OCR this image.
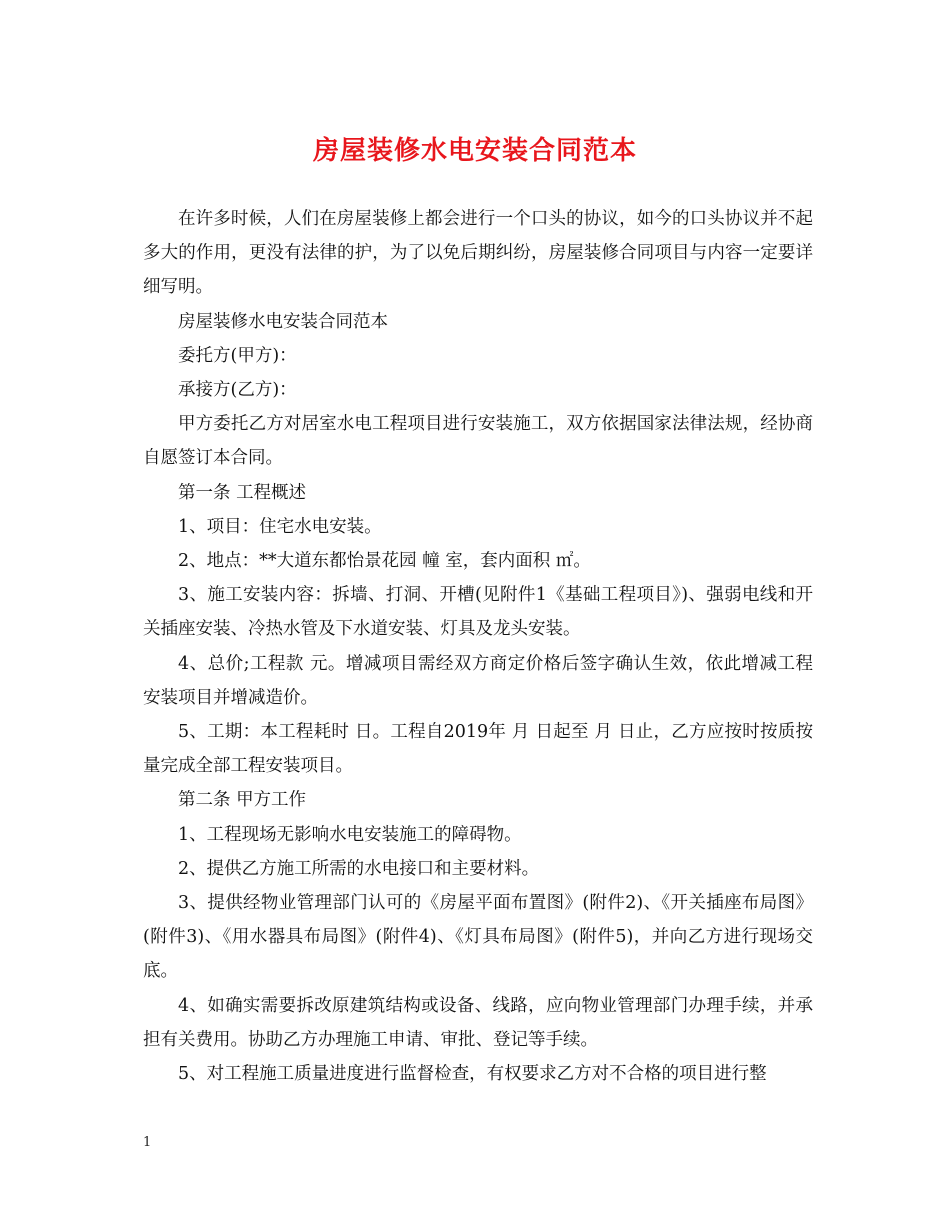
房屋装修水电安装合同范本

在许多时候，人们在房屋装修上都会进行一个口头的协议，如今的口头协议并不起多大的作用，更没有法律的护，为了以免后期纠纷，房屋装修合同项目与内容一定要详细写明。

房屋装修水电安装合同范本

委托方(甲方)：

承接方(乙方)：

甲方委托乙方对居室水电工程项目进行安装施工，双方依据国家法律法规，经协商自愿签订本合同。

第一条 工程概述

1、项目：住宅水电安装。

2、地点：**大道东都怡景花园 幢 室，套内面积 ㎡。

3、施工安装内容：拆墙、打洞、开槽(见附件1《基础工程项目》)、强弱电线和开关插座安装、冷热水管及下水道安装、灯具及龙头安装。

4、总价;工程款 元。增减项目需经双方商定价格后签字确认生效，依此增减工程安装项目并增减造价。

5、工期：本工程耗时 日。工程自2019年 月 日起至 月 日止，乙方应按时按质按量完成全部工程安装项目。

第二条 甲方工作

1、工程现场无影响水电安装施工的障碍物。

2、提供乙方施工所需的水电接口和主要材料。

3、提供经物业管理部门认可的《房屋平面布置图》(附件2)、《开关插座布局图》(附件3)、《用水器具布局图》(附件4)、《灯具布局图》(附件5)，并向乙方进行现场交底。

4、如确实需要拆改原建筑结构或设备、线路，应向物业管理部门办理手续，并承担有关费用。协助乙方办理施工申请、审批、登记等手续。

5、对工程施工质量进度进行监督检查，有权要求乙方对不合格的项目进行整

1
